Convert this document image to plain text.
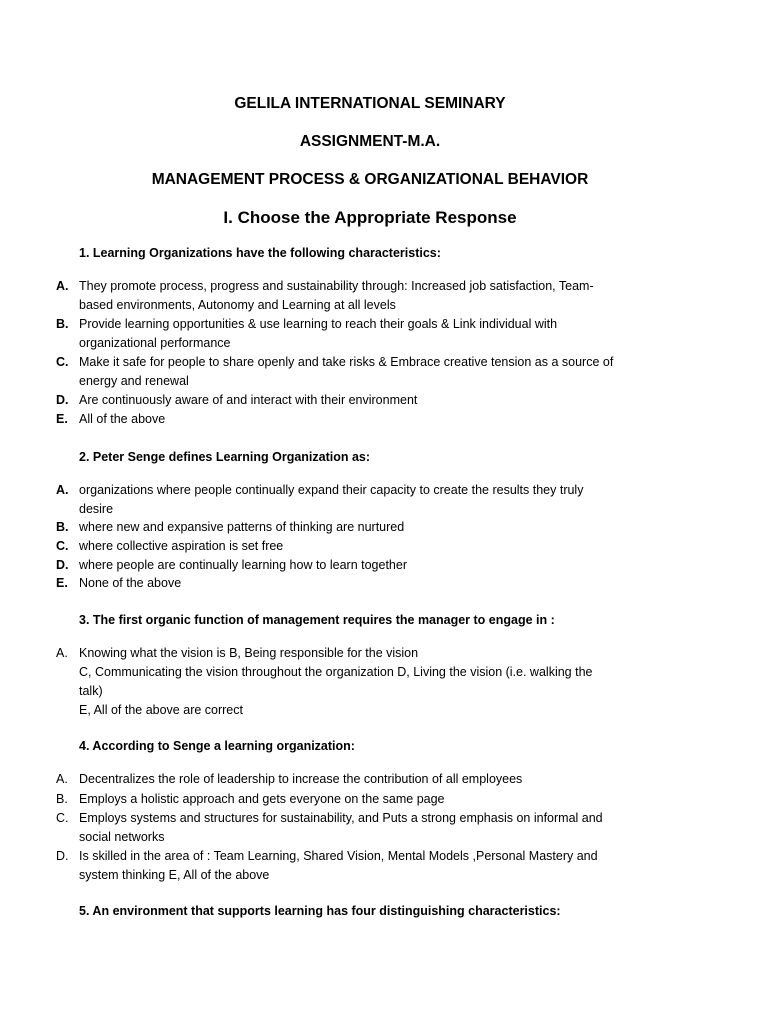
GELILA INTERNATIONAL SEMINARY
ASSIGNMENT-M.A.
MANAGEMENT PROCESS & ORGANIZATIONAL BEHAVIOR
I. Choose the Appropriate Response
1. Learning Organizations have the following characteristics:
A. They promote process, progress and sustainability through: Increased job satisfaction, Team-
based environments, Autonomy and Learning at all levels
B. Provide learning opportunities & use learning to reach their goals & Link individual with
organizational performance
C. Make it safe for people to share openly and take risks & Embrace creative tension as a source of
energy and renewal
D. Are continuously aware of and interact with their environment
E. All of the above
2. Peter Senge defines Learning Organization as:
A. organizations where people continually expand their capacity to create the results they truly
desire
B. where new and expansive patterns of thinking are nurtured
C. where collective aspiration is set free
D. where people are continually learning how to learn together
E. None of the above
3. The first organic function of management requires the manager to engage in :
A. Knowing what the vision is B, Being responsible for the vision
C, Communicating the vision throughout the organization D, Living the vision (i.e. walking the
talk)
E, All of the above are correct
4. According to Senge a learning organization:
A. Decentralizes the role of leadership to increase the contribution of all employees
B. Employs a holistic approach and gets everyone on the same page
C. Employs systems and structures for sustainability, and Puts a strong emphasis on informal and
social networks
D. Is skilled in the area of : Team Learning, Shared Vision, Mental Models ,Personal Mastery and
system thinking E, All of the above
5. An environment that supports learning has four distinguishing characteristics:
